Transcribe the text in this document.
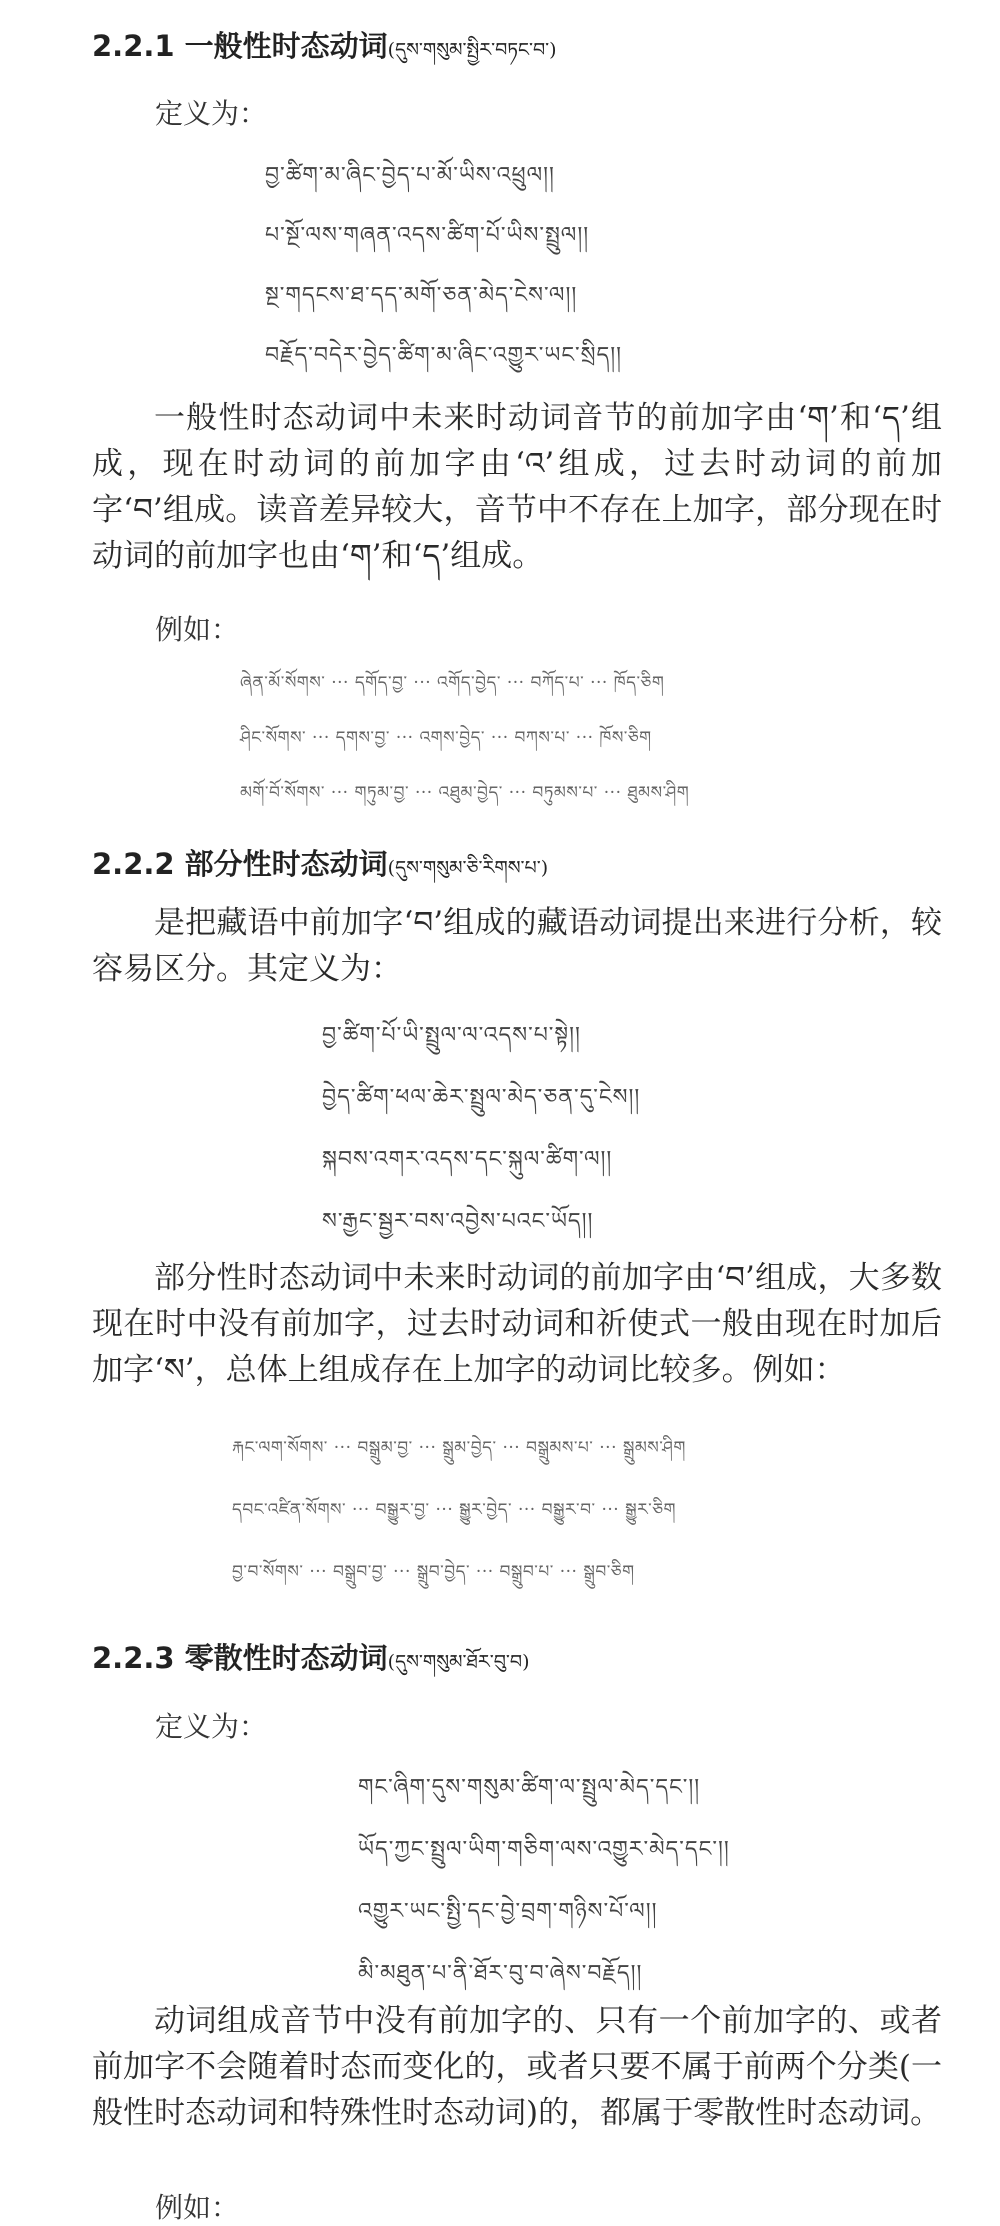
2.2.1 一般性时态动词(དུས་གསུམ་སྤྱིར་བཏང་བ་)
定义为：
བྱ་ཚིག་མ་ཞིང་བྱེད་པ་མོ་ཡིས་འཕྲུལ།།
པ་སྔོ་ལས་གཞན་འདས་ཚིག་པོ་ཡིས་སྤྲུལ།།
སྔ་གདངས་ཐ་དད་མགོ་ཅན་མེད་ངེས་ལ།།
བརྗོད་བདེར་བྱེད་ཚིག་མ་ཞིང་འགྱུར་ཡང་སྲིད།།

一般性时态动词中未来时动词音节的前加字由‘ག’和‘ད’组成，现在时动词的前加字由‘འ’组成，过去时动词的前加字‘བ’组成。读音差异较大，音节中不存在上加字，部分现在时动词的前加字也由‘ག’和‘ད’组成。

例如：
ཞེན་མོ་སོགས་ ··· དགོད་བྱ་ ··· འགོད་བྱེད་ ··· བཀོད་པ་ ··· ཁོད་ཅིག
ཤིང་སོགས་ ··· དགས་བྱ་ ··· འགས་བྱེད་ ··· བཀས་པ་ ··· ཁོས་ཅིག
མགོ་བོ་སོགས་ ··· གཏུམ་བྱ་ ··· འཐུམ་བྱེད་ ··· བཏུམས་པ་ ··· ཐུམས་ཤིག
2.2.2 部分性时态动词(དུས་གསུམ་ཅི་རིགས་པ་)

是把藏语中前加字‘བ’组成的藏语动词提出来进行分析，较容易区分。其定义为：

བྱ་ཚིག་པོ་ཡི་སྤྲུལ་ལ་འདས་པ་སྟེ།།
བྱེད་ཚིག་ཕལ་ཆེར་སྤྲུལ་མེད་ཅན་དུ་ངེས།།
སྐབས་འགར་འདས་དང་སྐུལ་ཚིག་ལ།།
ས་རྒྱང་སྦྱར་བས་འབྱེས་པའང་ཡོད།།

部分性时态动词中未来时动词的前加字由‘བ’组成，大多数现在时中没有前加字，过去时动词和祈使式一般由现在时加后加字‘ས’，总体上组成存在上加字的动词比较多。例如：

རྐང་ལག་སོགས་ ··· བསྒྲུམ་བྱ་ ··· སྒྲུམ་བྱེད་ ··· བསྒྲུམས་པ་ ··· སྒྲུམས་ཤིག
དབང་འཛིན་སོགས་ ··· བསྒྱུར་བྱ་ ··· སྒྱུར་བྱེད་ ··· བསྒྱུར་བ་ ··· སྒྱུར་ཅིག
བྱ་བ་སོགས་ ··· བསྒྲུབ་བྱ་ ··· སྒྲུབ་བྱེད་ ··· བསྒྲུབ་པ་ ··· སྒྲུབ་ཅིག
2.2.3 零散性时态动词(དུས་གསུམ་ཐོར་བུ་བ)
定义为：
གང་ཞིག་དུས་གསུམ་ཚིག་ལ་སྤྲུལ་མེད་དང་།།
ཡོད་ཀྱང་སྤྲུལ་ཡིག་གཅིག་ལས་འགྱུར་མེད་དང་།།
འགྱུར་ཡང་སྤྱི་དང་བྱེ་བྲག་གཉིས་པོ་ལ།།
མི་མཐུན་པ་ནི་ཐོར་བུ་བ་ཞེས་བརྗོད།།

动词组成音节中没有前加字的、只有一个前加字的、或者前加字不会随着时态而变化的，或者只要不属于前两个分类(一般性时态动词和特殊性时态动词)的，都属于零散性时态动词。

例如：
